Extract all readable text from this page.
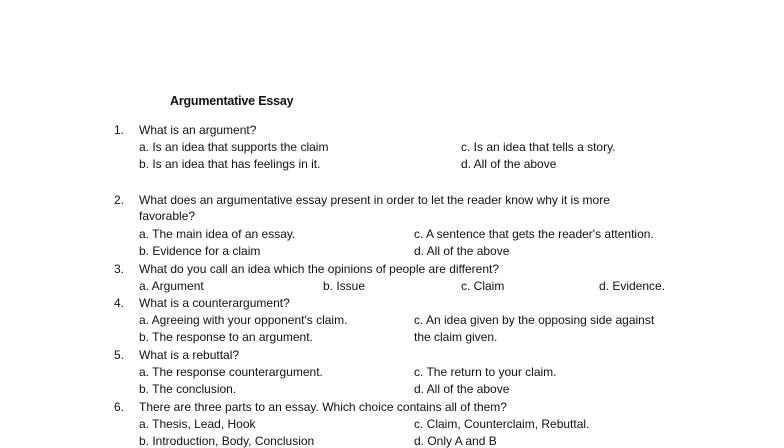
Argumentative Essay
1. What is an argument?
a. Is an idea that supports the claim	c. Is an idea that tells a story.
b. Is an idea that has feelings in it.	d. All of the above
2. What does an argumentative essay present in order to let the reader know why it is more
favorable?
a. The main idea of an essay.	c. A sentence that gets the reader's attention.
b. Evidence for a claim	d. All of the above
3. What do you call an idea which the opinions of people are different?
a. Argument	b. Issue	c. Claim	d. Evidence.
4. What is a counterargument?
a. Agreeing with your opponent's claim.	c. An idea given by the opposing side against
b. The response to an argument.	the claim given.
5. What is a rebuttal?
a. The response counterargument.	c. The return to your claim.
b. The conclusion.	d. All of the above
6. There are three parts to an essay. Which choice contains all of them?
a. Thesis, Lead, Hook	c. Claim, Counterclaim, Rebuttal.
b. Introduction, Body, Conclusion	d. Only A and B
